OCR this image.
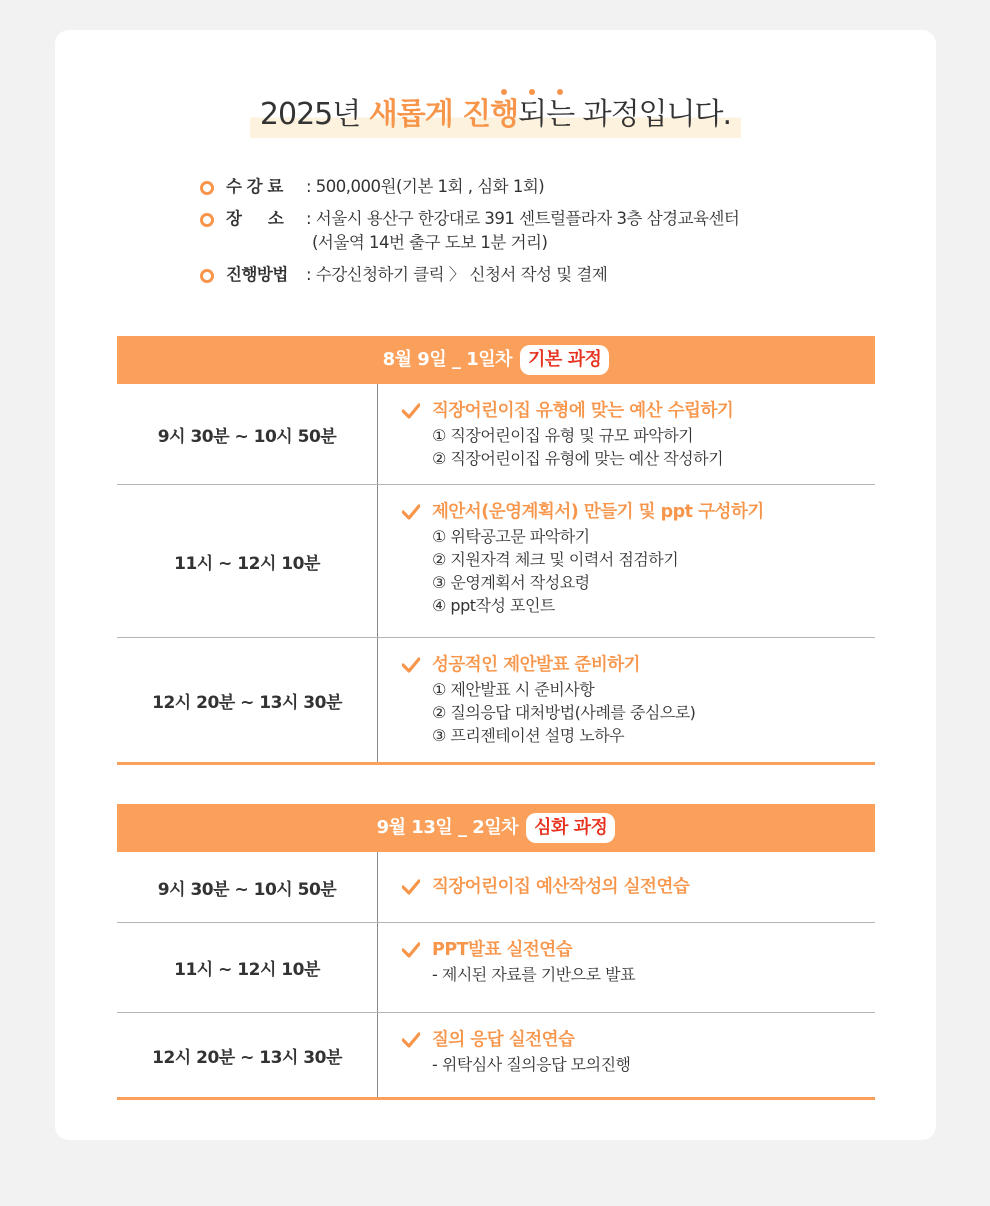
2025년
새롭게 진행되는 과정입니다.
수 강 료 : 500,000원(기본 1회 , 심화 1회)
장 　 소 : 서울시 용산구 한강대로 391 센트럴플라자 3층 삼경교육센터
(서울역 14번 출구 도보 1분 거리)
진행방법 : 수강신청하기 클릭 〉 신청서 작성 및 결제
8월 9일 _ 1일차 기본 과정
9시 30분 ~ 10시 50분
직장어린이집 유형에 맞는 예산 수립하기
① 직장어린이집 유형 및 규모 파악하기
② 직장어린이집 유형에 맞는 예산 작성하기
11시 ~ 12시 10분
제안서(운영계획서) 만들기 및 ppt 구성하기
① 위탁공고문 파악하기
② 지원자격 체크 및 이력서 점검하기
③ 운영계획서 작성요령
④ ppt작성 포인트
12시 20분 ~ 13시 30분
성공적인 제안발표 준비하기
① 제안발표 시 준비사항
② 질의응답 대처방법(사례를 중심으로)
③ 프리젠테이션 설명 노하우
9월 13일 _ 2일차 심화 과정
9시 30분 ~ 10시 50분	직장어린이집 예산작성의 실전연습
11시 ~ 12시 10분
PPT발표 실전연습
- 제시된 자료를 기반으로 발표
12시 20분 ~ 13시 30분
질의 응답 실전연습
- 위탁심사 질의응답 모의진행
